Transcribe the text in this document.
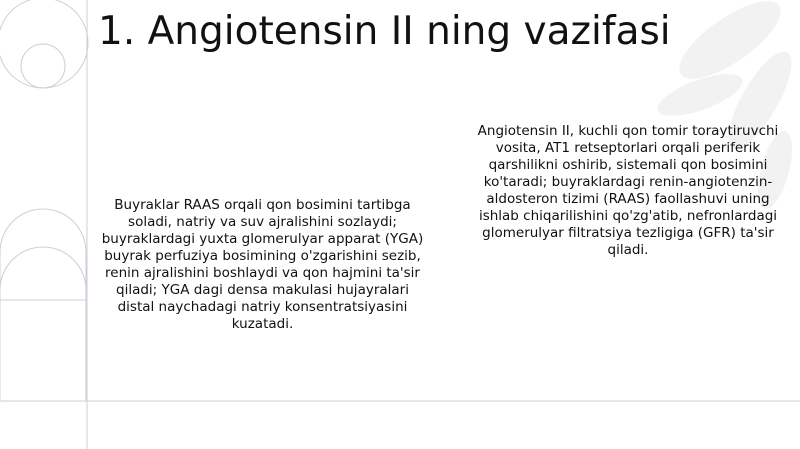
1. Angiotensin II ning vazifasi

Buyraklar RAAS orqali qon bosimini tartibga soladi, natriy va suv ajralishini sozlaydi; buyraklardagi yuxta glomerulyar apparat (YGA) buyrak perfuziya bosimining o'zgarishini sezib, renin ajralishini boshlaydi va qon hajmini ta'sir qiladi; YGA dagi densa makulasi hujayralari distal naychadagi natriy konsentratsiyasini kuzatadi.

Angiotensin II, kuchli qon tomir toraytiruvchi vosita, AT1 retseptorlari orqali periferik qarshilikni oshirib, sistemali qon bosimini ko'taradi; buyraklardagi renin-angiotenzin-aldosteron tizimi (RAAS) faollashuvi uning ishlab chiqarilishini qo'zg'atib, nefronlardagi glomerulyar filtratsiya tezligiga (GFR) ta'sir qiladi.
